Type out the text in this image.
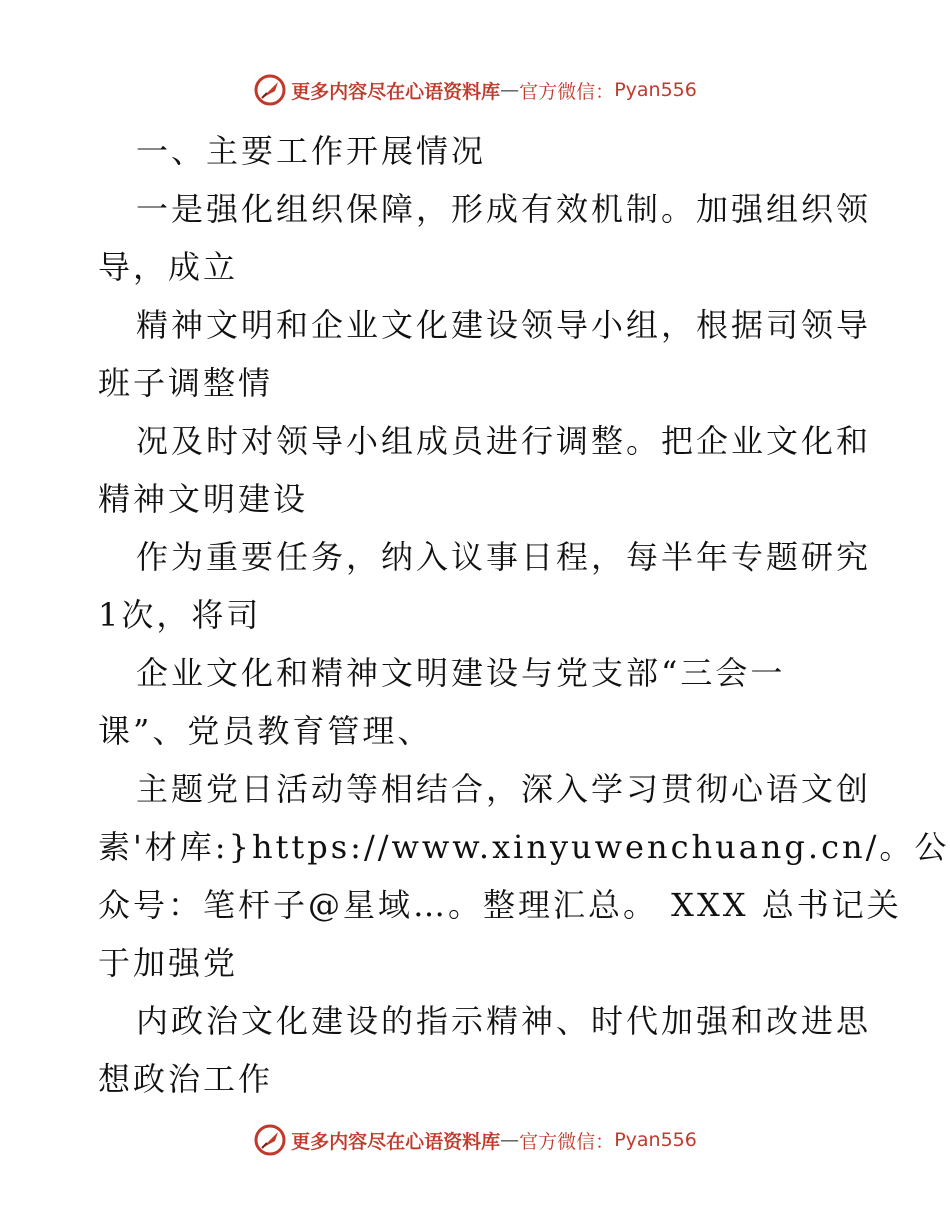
更多内容尽在心语资料库 — 官方微信： Pyan556

一、主要工作开展情况
一是强化组织保障，形成有效机制。加强组织领
导，成立
精神文明和企业文化建设领导小组，根据司领导
班子调整情
况及时对领导小组成员进行调整。把企业文化和
精神文明建设
作为重要任务，纳入议事日程，每半年专题研究
1次，将司
企业文化和精神文明建设与党支部“三会一
课”、党员教育管理、
主题党日活动等相结合，深入学习贯彻心语文创
素'材库:}https://www.xinyuwenchuang.cn/。公
众号：笔杆子@星域…。整理汇总。 XXX 总书记关
于加强党
内政治文化建设的指示精神、时代加强和改进思
想政治工作

更多内容尽在心语资料库 — 官方微信： Pyan556
